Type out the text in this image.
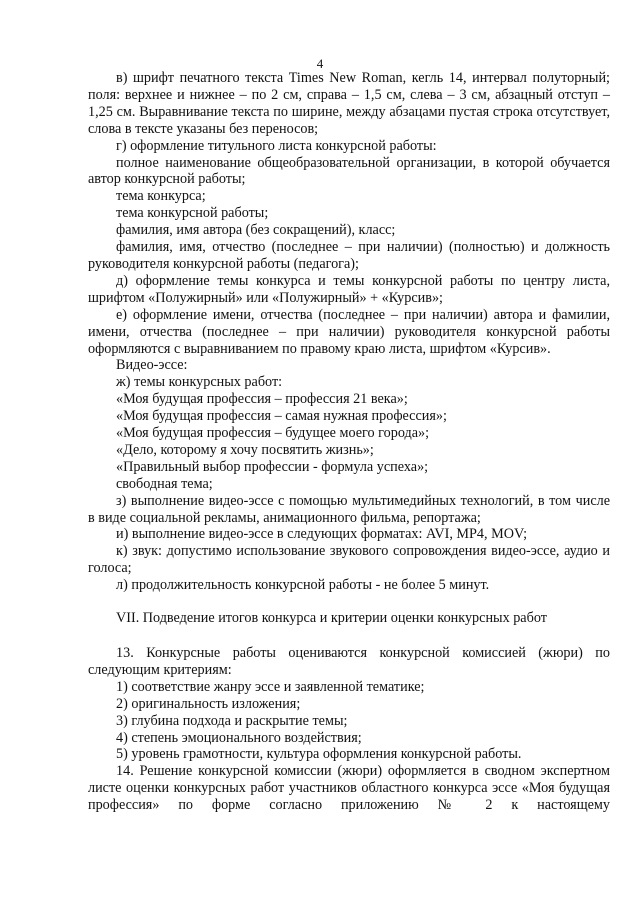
4

в) шрифт печатного текста Times New Roman, кегль 14, интервал полуторный; поля: верхнее и нижнее – по 2 см, справа – 1,5 см, слева – 3 см, абзацный отступ – 1,25 см. Выравнивание текста по ширине, между абзацами пустая строка отсутствует, слова в тексте указаны без переносов;

г) оформление титульного листа конкурсной работы:

полное наименование общеобразовательной организации, в которой обучается автор конкурсной работы;

тема конкурса;

тема конкурсной работы;

фамилия, имя автора (без сокращений), класс;

фамилия, имя, отчество (последнее – при наличии) (полностью) и должность руководителя конкурсной работы (педагога);

д) оформление темы конкурса и темы конкурсной работы по центру листа, шрифтом «Полужирный» или «Полужирный» + «Курсив»;

е) оформление имени, отчества (последнее – при наличии) автора и фамилии, имени, отчества (последнее – при наличии) руководителя конкурсной работы оформляются с выравниванием по правому краю листа, шрифтом «Курсив».

Видео-эссе:

ж) темы конкурсных работ:

«Моя будущая профессия – профессия 21 века»;

«Моя будущая профессия – самая нужная профессия»;

«Моя будущая профессия – будущее моего города»;

«Дело, которому я хочу посвятить жизнь»;

«Правильный выбор профессии - формула успеха»;

свободная тема;

з) выполнение видео-эссе с помощью мультимедийных технологий, в том числе в виде социальной рекламы, анимационного фильма, репортажа;

и) выполнение видео-эссе в следующих форматах: AVI, MP4, MOV;

к) звук: допустимо использование звукового сопровождения видео-эссе, аудио и голоса;

л) продолжительность конкурсной работы - не более 5 минут.

VII. Подведение итогов конкурса и критерии оценки конкурсных работ

13. Конкурсные работы оцениваются конкурсной комиссией (жюри) по следующим критериям:

1) соответствие жанру эссе и заявленной тематике;

2) оригинальность изложения;

3) глубина подхода и раскрытие темы;

4) степень эмоционального воздействия;

5) уровень грамотности, культура оформления конкурсной работы.

14. Решение конкурсной комиссии (жюри) оформляется в сводном экспертном листе оценки конкурсных работ участников областного конкурса эссе «Моя будущая профессия» по форме согласно приложению № 2 к настоящему
